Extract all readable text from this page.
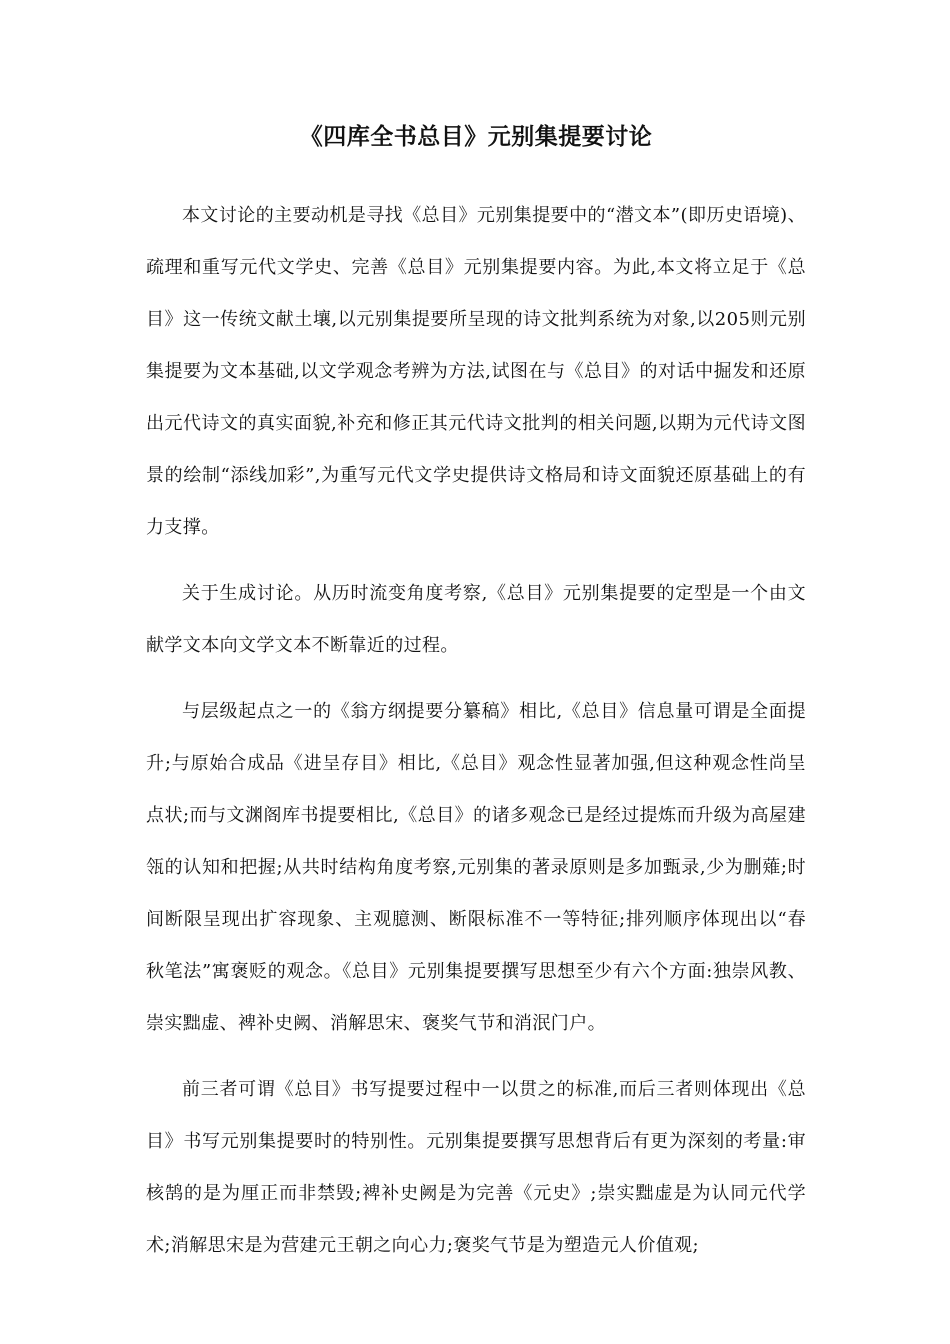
《四库全书总目》元别集提要讨论

本文讨论的主要动机是寻找《总目》元别集提要中的“潜文本”(即历史语境)、疏理和重写元代文学史、完善《总目》元别集提要内容。为此,本文将立足于《总目》这一传统文献土壤,以元别集提要所呈现的诗文批判系统为对象,以205则元别集提要为文本基础,以文学观念考辨为方法,试图在与《总目》的对话中掘发和还原出元代诗文的真实面貌,补充和修正其元代诗文批判的相关问题,以期为元代诗文图景的绘制“添线加彩”,为重写元代文学史提供诗文格局和诗文面貌还原基础上的有力支撑。

关于生成讨论。从历时流变角度考察,《总目》元别集提要的定型是一个由文献学文本向文学文本不断靠近的过程。

与层级起点之一的《翁方纲提要分纂稿》相比,《总目》信息量可谓是全面提升;与原始合成品《进呈存目》相比,《总目》观念性显著加强,但这种观念性尚呈点状;而与文渊阁库书提要相比,《总目》的诸多观念已是经过提炼而升级为高屋建瓴的认知和把握;从共时结构角度考察,元别集的著录原则是多加甄录,少为删薙;时间断限呈现出扩容现象、主观臆测、断限标准不一等特征;排列顺序体现出以“春秋笔法”寓褒贬的观念。《总目》元别集提要撰写思想至少有六个方面:独崇风教、崇实黜虚、裨补史阙、消解思宋、褒奖气节和消泯门户。

前三者可谓《总目》书写提要过程中一以贯之的标准,而后三者则体现出《总目》书写元别集提要时的特别性。元别集提要撰写思想背后有更为深刻的考量:审核鹄的是为厘正而非禁毁;裨补史阙是为完善《元史》;崇实黜虚是为认同元代学术;消解思宋是为营建元王朝之向心力;褒奖气节是为塑造元人价值观;
